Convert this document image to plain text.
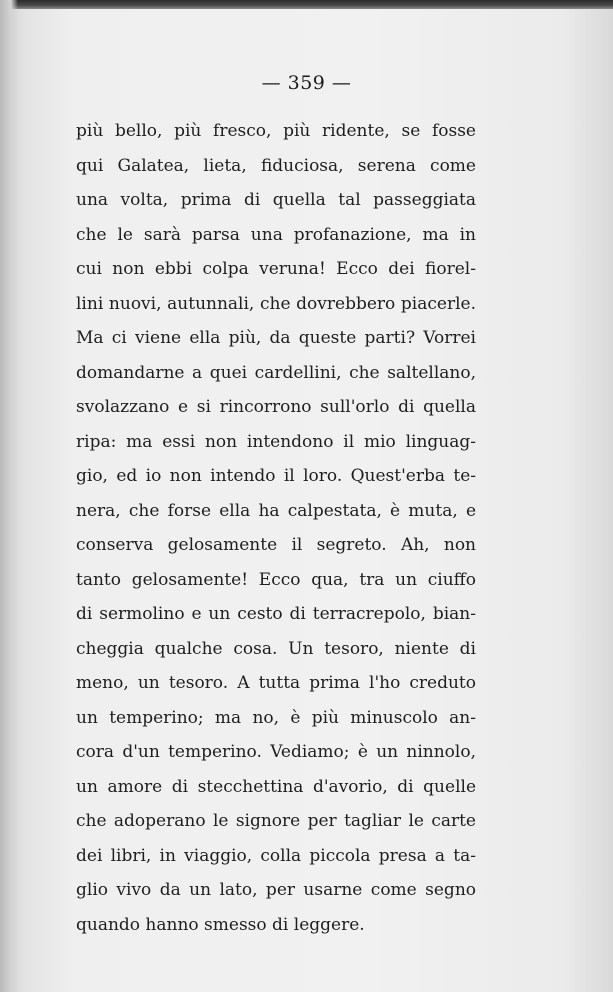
— 359 —
più bello, più fresco, più ridente, se fosse
qui Galatea, lieta, fiduciosa, serena come
una volta, prima di quella tal passeggiata
che le sarà parsa una profanazione, ma in
cui non ebbi colpa veruna! Ecco dei fiorel-
lini nuovi, autunnali, che dovrebbero piacerle.
Ma ci viene ella più, da queste parti? Vorrei
domandarne a quei cardellini, che saltellano,
svolazzano e si rincorrono sull'orlo di quella
ripa: ma essi non intendono il mio linguag-
gio, ed io non intendo il loro. Quest'erba te-
nera, che forse ella ha calpestata, è muta, e
conserva gelosamente il segreto. Ah, non
tanto gelosamente! Ecco qua, tra un ciuffo
di sermolino e un cesto di terracrepolo, bian-
cheggia qualche cosa. Un tesoro, niente di
meno, un tesoro. A tutta prima l'ho creduto
un temperino; ma no, è più minuscolo an-
cora d'un temperino. Vediamo; è un ninnolo,
un amore di stecchettina d'avorio, di quelle
che adoperano le signore per tagliar le carte
dei libri, in viaggio, colla piccola presa a ta-
glio vivo da un lato, per usarne come segno
quando hanno smesso di leggere.
